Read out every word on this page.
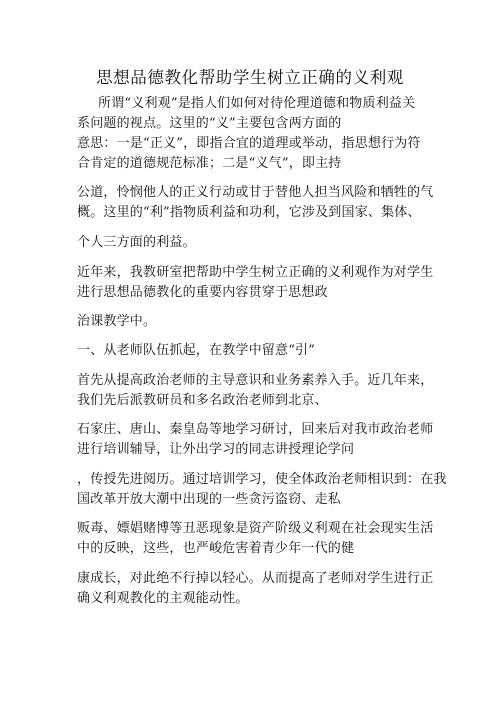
思想品德教化帮助学生树立正确的义利观
所谓“义利观”是指人们如何对待伦理道德和物质利益关
系问题的视点。这里的“义”主要包含两方面的
意思：一是“正义”，即指合宜的道理或举动，指思想行为符
合肯定的道德规范标准；二是“义气”，即主持
公道，怜悯他人的正义行动或甘于替他人担当风险和牺牲的气
概。这里的“利”指物质利益和功利，它涉及到国家、集体、
个人三方面的利益。
近年来，我教研室把帮助中学生树立正确的义利观作为对学生
进行思想品德教化的重要内容贯穿于思想政
治课教学中。
一、从老师队伍抓起，在教学中留意“引”
首先从提高政治老师的主导意识和业务素养入手。近几年来，
我们先后派教研员和多名政治老师到北京、
石家庄、唐山、秦皇岛等地学习研讨，回来后对我市政治老师
进行培训辅导，让外出学习的同志讲授理论学问
，传授先进阅历。通过培训学习，使全体政治老师相识到：在我
国改革开放大潮中出现的一些贪污盗窃、走私
贩毒、嫖娼赌博等丑恶现象是资产阶级义利观在社会现实生活
中的反映，这些，也严峻危害着青少年一代的健
康成长，对此绝不行掉以轻心。从而提高了老师对学生进行正
确义利观教化的主观能动性。
